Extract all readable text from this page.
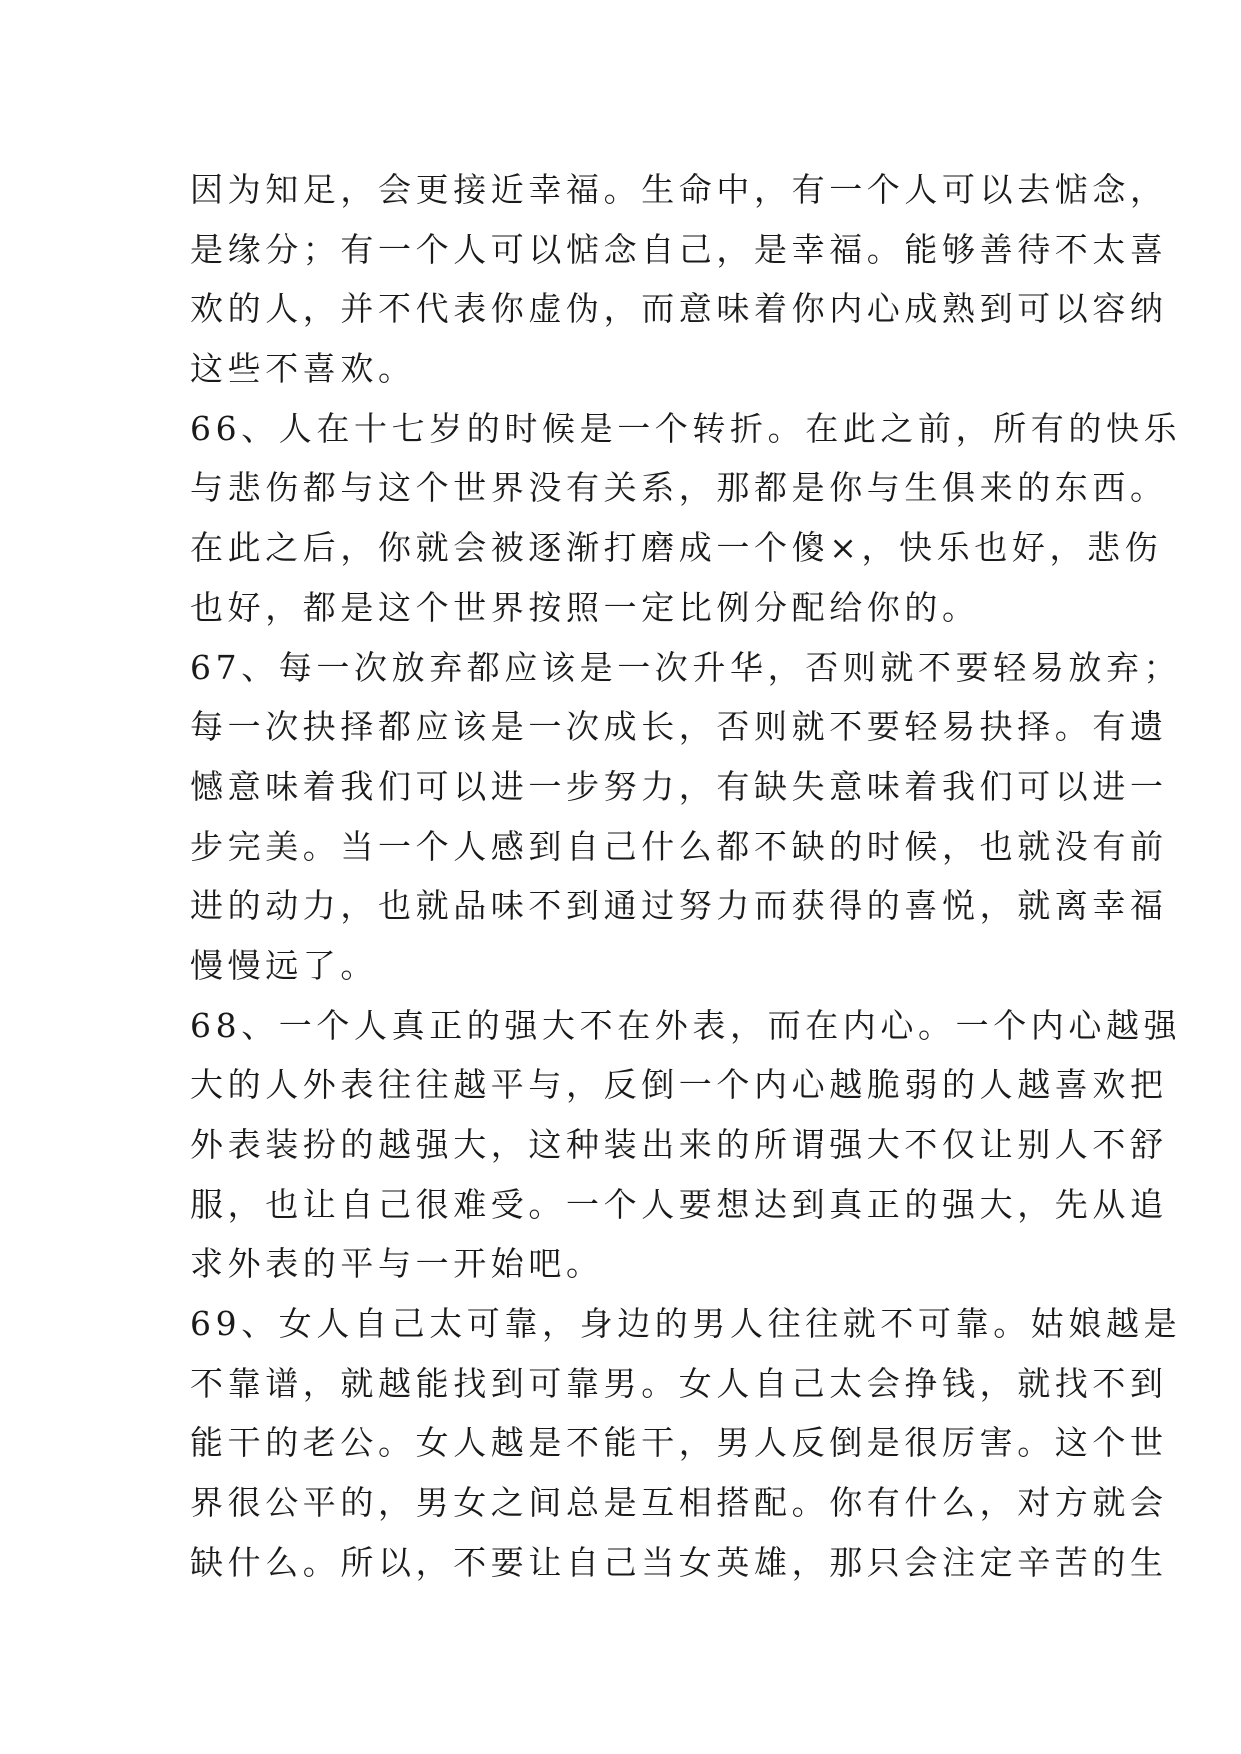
因为知足，会更接近幸福。生命中，有一个人可以去惦念，
是缘分；有一个人可以惦念自己，是幸福。能够善待不太喜
欢的人，并不代表你虚伪，而意味着你内心成熟到可以容纳
这些不喜欢。
66、人在十七岁的时候是一个转折。在此之前，所有的快乐
与悲伤都与这个世界没有关系，那都是你与生俱来的东西。
在此之后，你就会被逐渐打磨成一个傻×，快乐也好，悲伤
也好，都是这个世界按照一定比例分配给你的。
67、每一次放弃都应该是一次升华，否则就不要轻易放弃；
每一次抉择都应该是一次成长，否则就不要轻易抉择。有遗
憾意味着我们可以进一步努力，有缺失意味着我们可以进一
步完美。当一个人感到自己什么都不缺的时候，也就没有前
进的动力，也就品味不到通过努力而获得的喜悦，就离幸福
慢慢远了。
68、一个人真正的强大不在外表，而在内心。一个内心越强
大的人外表往往越平与，反倒一个内心越脆弱的人越喜欢把
外表装扮的越强大，这种装出来的所谓强大不仅让别人不舒
服，也让自己很难受。一个人要想达到真正的强大，先从追
求外表的平与一开始吧。
69、女人自己太可靠，身边的男人往往就不可靠。姑娘越是
不靠谱，就越能找到可靠男。女人自己太会挣钱，就找不到
能干的老公。女人越是不能干，男人反倒是很厉害。这个世
界很公平的，男女之间总是互相搭配。你有什么，对方就会
缺什么。所以，不要让自己当女英雄，那只会注定辛苦的生
